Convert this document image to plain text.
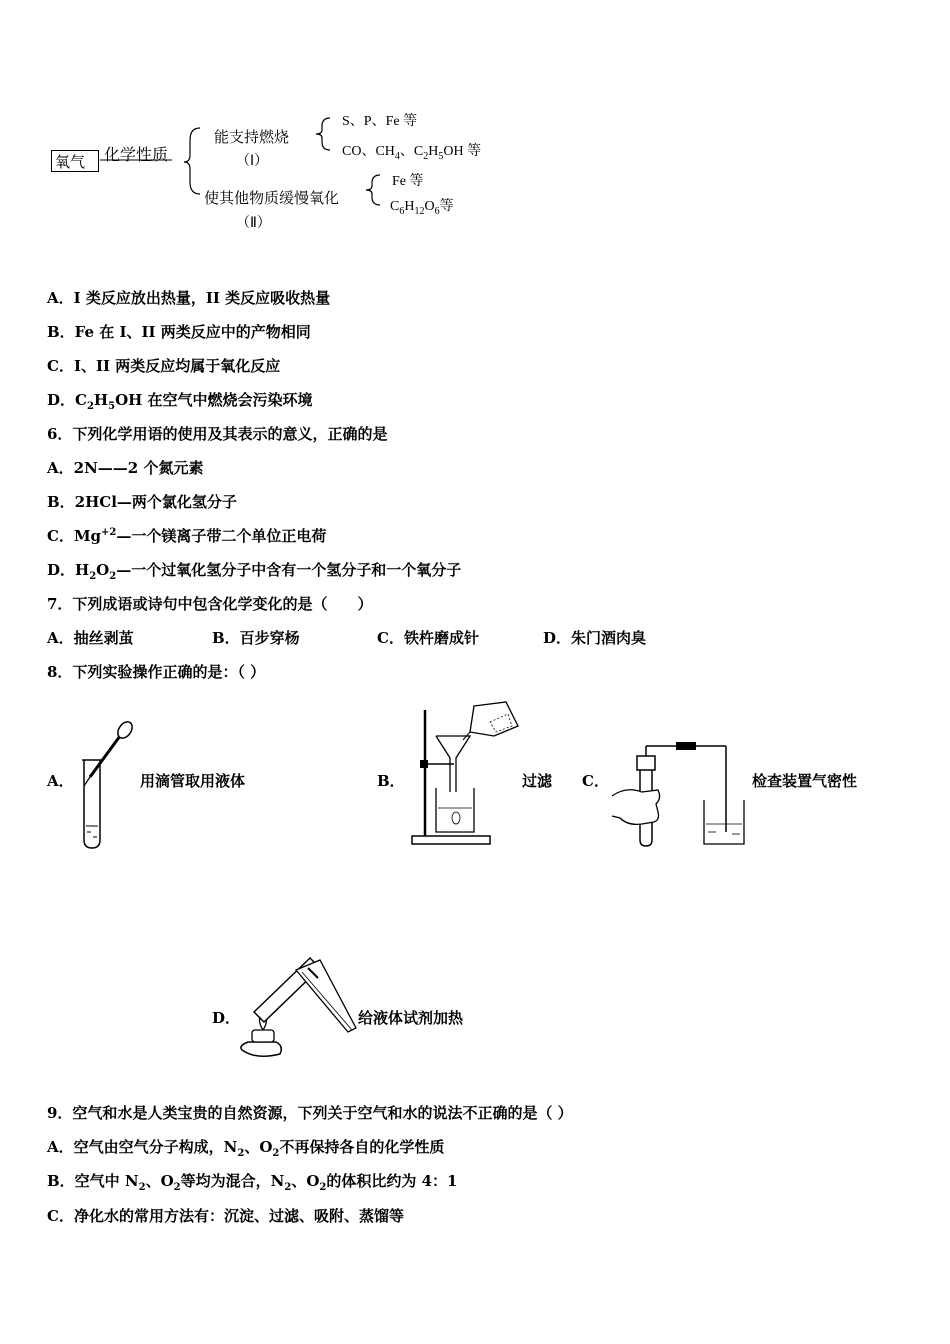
氧气 化学性质
能支持燃烧
（Ⅰ）
使其他物质缓慢氧化
（Ⅱ）
S、P、Fe 等
CO、$CH_4$、$C_2H_5OH$ 等
Fe 等
$C_6H_{12}O_6$等
A．I 类反应放出热量，II 类反应吸收热量
B．Fe 在 I、II 两类反应中的产物相同
C．I、II 两类反应均属于氧化反应
D．$C_2H_5OH$ 在空气中燃烧会污染环境
6．下列化学用语的使用及其表示的意义，正确的是
A．2N——2 个氮元素
B．2HCl—两个氯化氢分子
C．$Mg^{+2}—$一个镁离子带二个单位正电荷
D．$H_2O_2—$一个过氧化氢分子中含有一个氢分子和一个氧分子
7．下列成语或诗句中包含化学变化的是（　　）
A．抽丝剥茧	B．百步穿杨	C．铁杵磨成针	D．朱门酒肉臭
8．下列实验操作正确的是：（ ）
A．	用滴管取用液体	B．	过滤 C．	检查装置气密性
D．	给液体试剂加热
9．空气和水是人类宝贵的自然资源，下列关于空气和水的说法不正确的是（ ）
A．空气由空气分子构成，$N_2$、$O_2$不再保持各自的化学性质
B．空气中 $N_2$、$O_2$等均为混合，$N_2$、$O_2$的体积比约为 4：1
C．净化水的常用方法有：沉淀、过滤、吸附、蒸馏等
